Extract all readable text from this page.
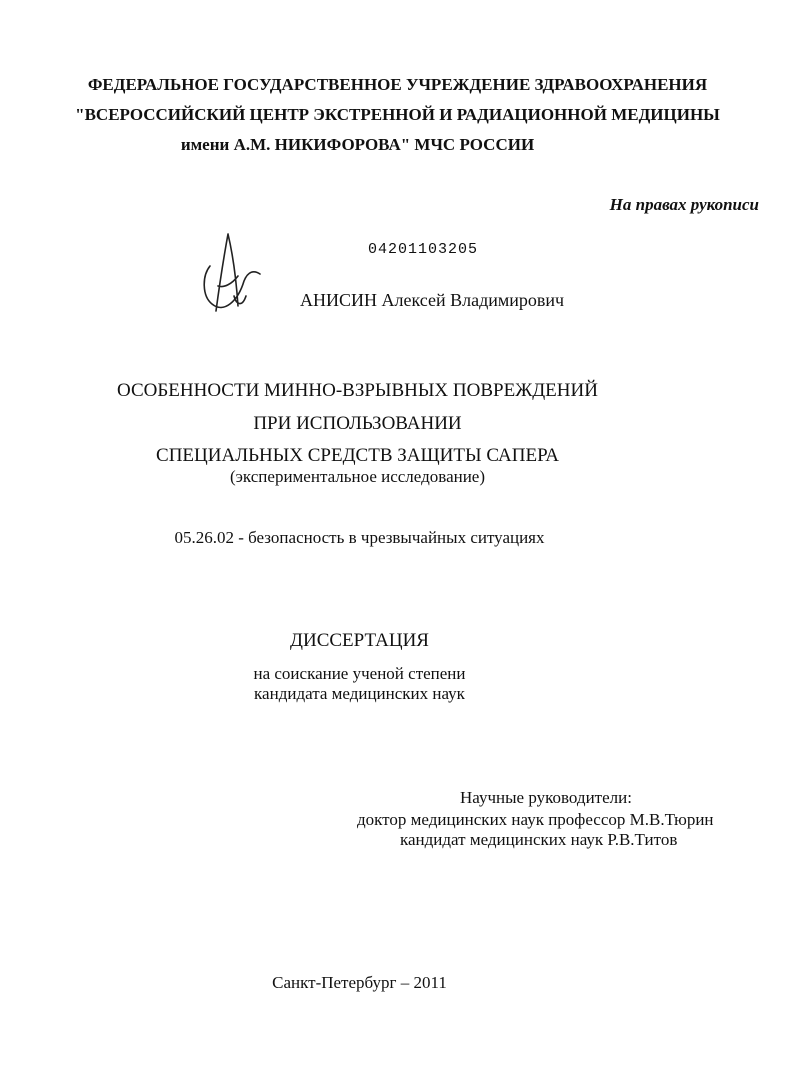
ФЕДЕРАЛЬНОЕ ГОСУДАРСТВЕННОЕ УЧРЕЖДЕНИЕ ЗДРАВООХРАНЕНИЯ
"ВСЕРОССИЙСКИЙ ЦЕНТР ЭКСТРЕННОЙ И РАДИАЦИОННОЙ МЕДИЦИНЫ
имени А.М. НИКИФОРОВА" МЧС РОССИИ
На правах рукописи
04201103205
АНИСИН Алексей Владимирович
ОСОБЕННОСТИ МИННО-ВЗРЫВНЫХ ПОВРЕЖДЕНИЙ
ПРИ ИСПОЛЬЗОВАНИИ
СПЕЦИАЛЬНЫХ СРЕДСТВ ЗАЩИТЫ САПЕРА
(экспериментальное исследование)
05.26.02 - безопасность в чрезвычайных ситуациях
ДИССЕРТАЦИЯ
на соискание ученой степени
кандидата медицинских наук
Научные руководители:
доктор медицинских наук профессор М.В.Тюрин
кандидат медицинских наук Р.В.Титов
Санкт-Петербург – 2011
